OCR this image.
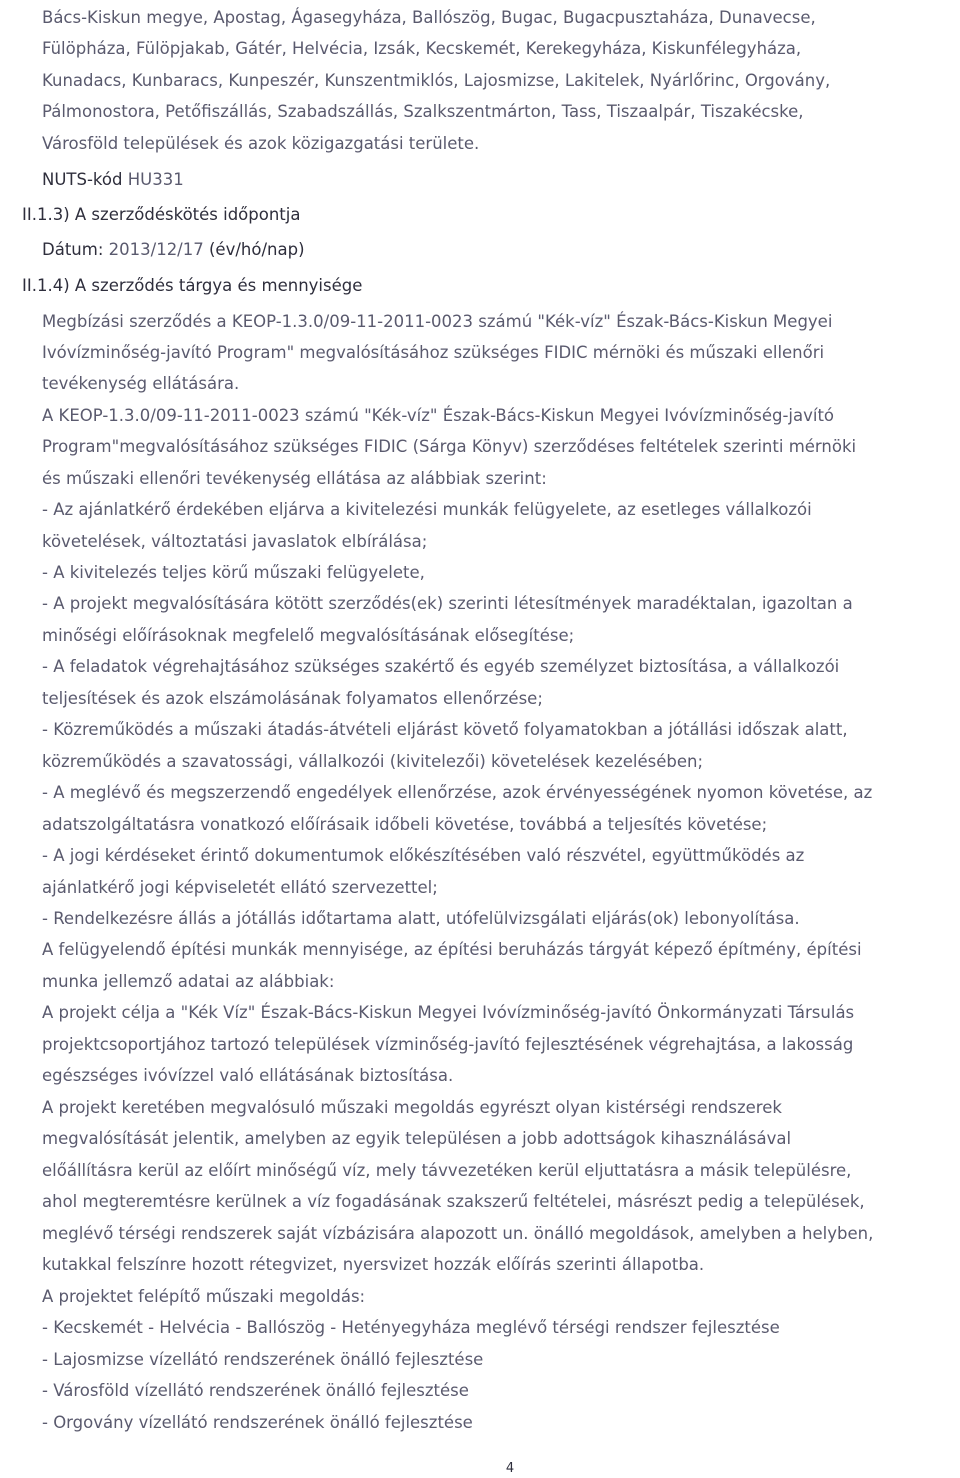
Bács-Kiskun megye, Apostag, Ágasegyháza, Ballószög, Bugac, Bugacpusztaháza, Dunavecse,
Fülöpháza, Fülöpjakab, Gátér, Helvécia, Izsák, Kecskemét, Kerekegyháza, Kiskunfélegyháza,
Kunadacs, Kunbaracs, Kunpeszér, Kunszentmiklós, Lajosmizse, Lakitelek, Nyárlőrinc, Orgovány,
Pálmonostora, Petőfiszállás, Szabadszállás, Szalkszentmárton, Tass, Tiszaalpár, Tiszakécske,
Városföld települések és azok közigazgatási területe.
NUTS-kód HU331
II.1.3) A szerződéskötés időpontja
Dátum: 2013/12/17 (év/hó/nap)
II.1.4) A szerződés tárgya és mennyisége
Megbízási szerződés a KEOP-1.3.0/09-11-2011-0023 számú "Kék-víz" Észak-Bács-Kiskun Megyei
Ivóvízminőség-javító Program" megvalósításához szükséges FIDIC mérnöki és műszaki ellenőri
tevékenység ellátására.
A KEOP-1.3.0/09-11-2011-0023 számú "Kék-víz" Észak-Bács-Kiskun Megyei Ivóvízminőség-javító
Program"megvalósításához szükséges FIDIC (Sárga Könyv) szerződéses feltételek szerinti mérnöki
és műszaki ellenőri tevékenység ellátása az alábbiak szerint:
- Az ajánlatkérő érdekében eljárva a kivitelezési munkák felügyelete, az esetleges vállalkozói
követelések, változtatási javaslatok elbírálása;
- A kivitelezés teljes körű műszaki felügyelete,
- A projekt megvalósítására kötött szerződés(ek) szerinti létesítmények maradéktalan, igazoltan a
minőségi előírásoknak megfelelő megvalósításának elősegítése;
- A feladatok végrehajtásához szükséges szakértő és egyéb személyzet biztosítása, a vállalkozói
teljesítések és azok elszámolásának folyamatos ellenőrzése;
- Közreműködés a műszaki átadás-átvételi eljárást követő folyamatokban a jótállási időszak alatt,
közreműködés a szavatossági, vállalkozói (kivitelezői) követelések kezelésében;
- A meglévő és megszerzendő engedélyek ellenőrzése, azok érvényességének nyomon követése, az
adatszolgáltatásra vonatkozó előírásaik időbeli követése, továbbá a teljesítés követése;
- A jogi kérdéseket érintő dokumentumok előkészítésében való részvétel, együttműködés az
ajánlatkérő jogi képviseletét ellátó szervezettel;
- Rendelkezésre állás a jótállás időtartama alatt, utófelülvizsgálati eljárás(ok) lebonyolítása.
A felügyelendő építési munkák mennyisége, az építési beruházás tárgyát képező építmény, építési
munka jellemző adatai az alábbiak:
A projekt célja a "Kék Víz" Észak-Bács-Kiskun Megyei Ivóvízminőség-javító Önkormányzati Társulás
projektcsoportjához tartozó települések vízminőség-javító fejlesztésének végrehajtása, a lakosság
egészséges ivóvízzel való ellátásának biztosítása.
A projekt keretében megvalósuló műszaki megoldás egyrészt olyan kistérségi rendszerek
megvalósítását jelentik, amelyben az egyik településen a jobb adottságok kihasználásával
előállításra kerül az előírt minőségű víz, mely távvezetéken kerül eljuttatásra a másik településre,
ahol megteremtésre kerülnek a víz fogadásának szakszerű feltételei, másrészt pedig a települések,
meglévő térségi rendszerek saját vízbázisára alapozott un. önálló megoldások, amelyben a helyben,
kutakkal felszínre hozott rétegvizet, nyersvizet hozzák előírás szerinti állapotba.
A projektet felépítő műszaki megoldás:
- Kecskemét - Helvécia - Ballószög - Hetényegyháza meglévő térségi rendszer fejlesztése
- Lajosmizse vízellátó rendszerének önálló fejlesztése
- Városföld vízellátó rendszerének önálló fejlesztése
- Orgovány vízellátó rendszerének önálló fejlesztése
4
